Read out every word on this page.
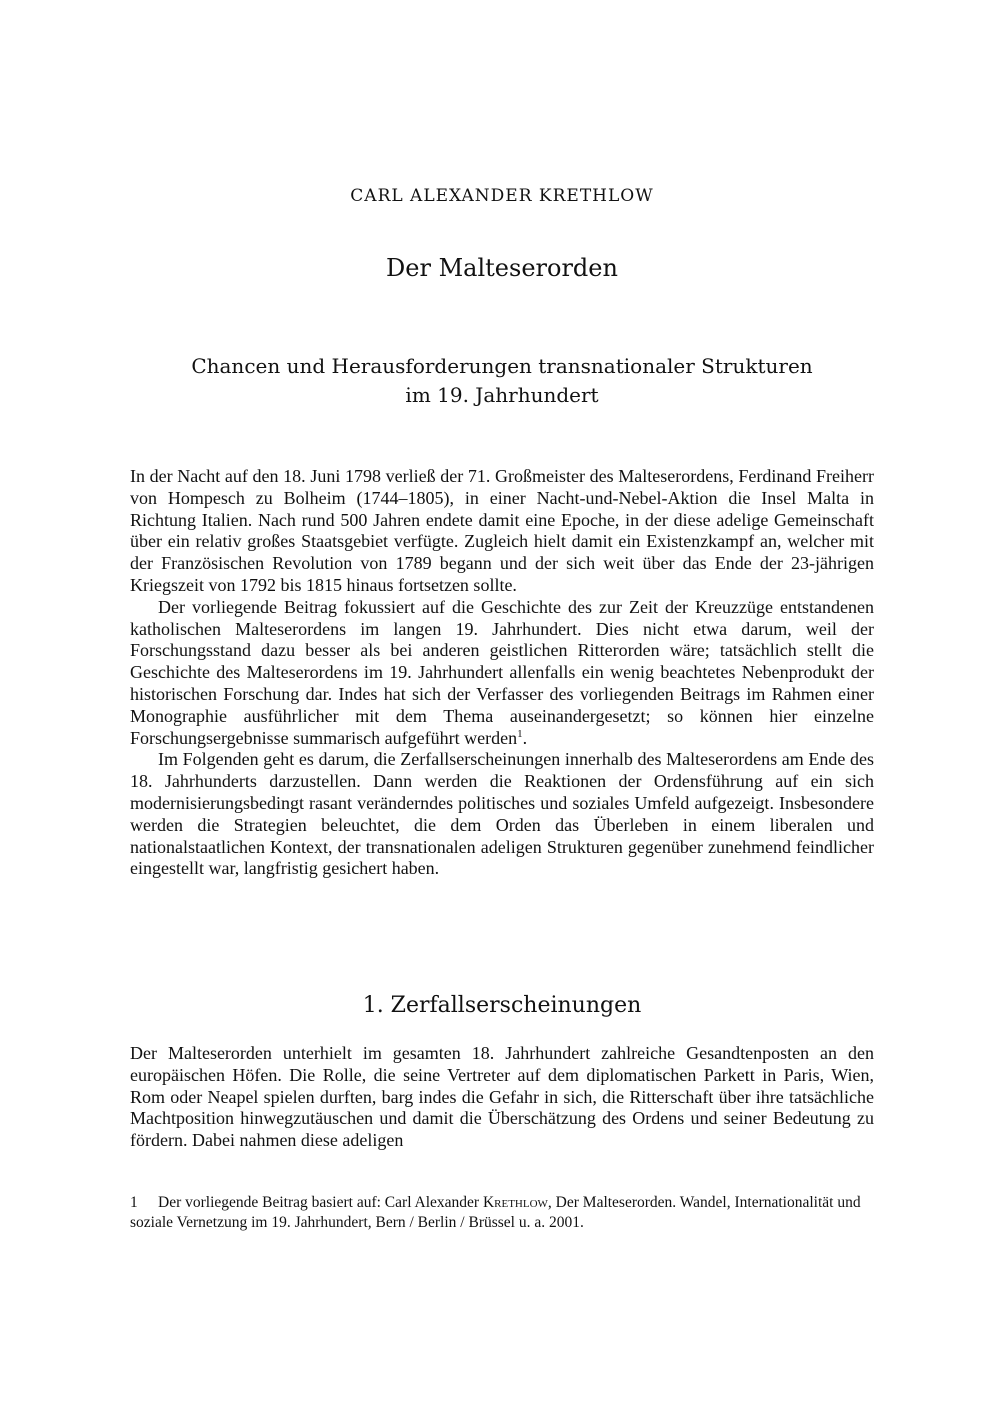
CARL ALEXANDER KRETHLOW
Der Malteserorden
Chancen und Herausforderungen transnationaler Strukturen
im 19. Jahrhundert

In der Nacht auf den 18. Juni 1798 verließ der 71. Großmeister des Malteserordens, Ferdinand Freiherr von Hompesch zu Bolheim (1744–1805), in einer Nacht-und-Nebel-Aktion die Insel Malta in Richtung Italien. Nach rund 500 Jahren endete damit eine Epoche, in der diese adelige Gemeinschaft über ein relativ großes Staatsgebiet verfügte. Zugleich hielt damit ein Existenzkampf an, welcher mit der Französischen Revolution von 1789 begann und der sich weit über das Ende der 23-jährigen Kriegszeit von 1792 bis 1815 hinaus fortsetzen sollte.

Der vorliegende Beitrag fokussiert auf die Geschichte des zur Zeit der Kreuzzüge entstandenen katholischen Malteserordens im langen 19. Jahrhundert. Dies nicht etwa darum, weil der Forschungsstand dazu besser als bei anderen geistlichen Ritterorden wäre; tatsächlich stellt die Geschichte des Malteserordens im 19. Jahrhundert allenfalls ein wenig beachtetes Nebenprodukt der historischen Forschung dar. Indes hat sich der Verfasser des vorliegenden Beitrags im Rahmen einer Monographie ausführlicher mit dem Thema auseinandergesetzt; so können hier einzelne Forschungsergebnisse summarisch aufgeführt werden$^1$.

Im Folgenden geht es darum, die Zerfallserscheinungen innerhalb des Malteserordens am Ende des 18. Jahrhunderts darzustellen. Dann werden die Reaktionen der Ordensführung auf ein sich modernisierungsbedingt rasant veränderndes politisches und soziales Umfeld aufgezeigt. Insbesondere werden die Strategien beleuchtet, die dem Orden das Überleben in einem liberalen und nationalstaatlichen Kontext, der transnationalen adeligen Strukturen gegenüber zunehmend feindlicher eingestellt war, langfristig gesichert haben.

1. Zerfallserscheinungen

Der Malteserorden unterhielt im gesamten 18. Jahrhundert zahlreiche Gesandtenposten an den europäischen Höfen. Die Rolle, die seine Vertreter auf dem diplomatischen Parkett in Paris, Wien, Rom oder Neapel spielen durften, barg indes die Gefahr in sich, die Ritterschaft über ihre tatsächliche Machtposition hinwegzutäuschen und damit die Überschätzung des Ordens und seiner Bedeutung zu fördern. Dabei nahmen diese adeligen

1 Der vorliegende Beitrag basiert auf: Carl Alexander Krethlow, Der Malteserorden. Wandel, Internationalität und soziale Vernetzung im 19. Jahrhundert, Bern / Berlin / Brüssel u. a. 2001.
